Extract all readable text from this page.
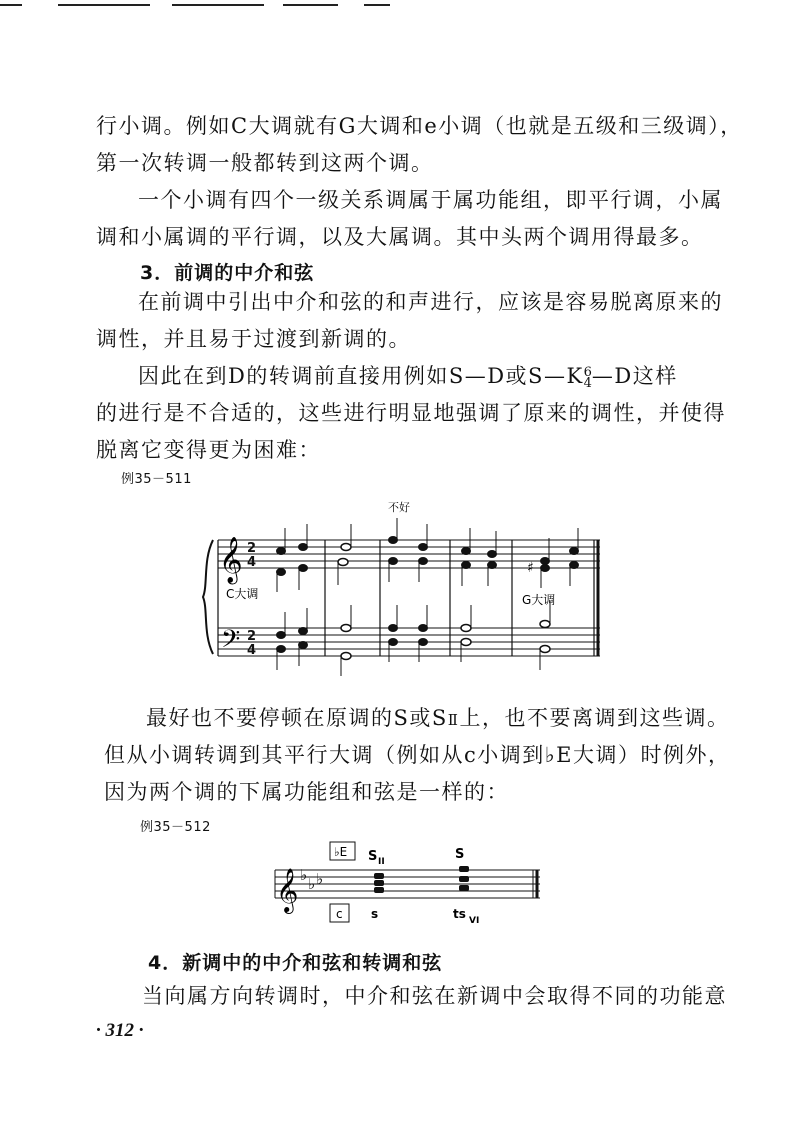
行小调。例如C大调就有G大调和e小调（也就是五级和三级调），
第一次转调一般都转到这两个调。
一个小调有四个一级关系调属于属功能组，即平行调，小属
调和小属调的平行调，以及大属调。其中头两个调用得最多。
3．前调的中介和弦
在前调中引出中介和弦的和声进行，应该是容易脱离原来的
调性，并且易于过渡到新调的。
因此在到D的转调前直接用例如S—D或S—K 6
4 —D这样
的进行是不合适的，这些进行明显地强调了原来的调性，并使得
脱离它变得更为困难：
例35－511
不好
𝄞
𝄢
2
4
2
4
♯
C大调	G大调
最好也不要停顿在原调的S或SⅡ上，也不要离调到这些调。
但从小调转调到其平行大调（例如从c小调到♭E大调）时例外，
因为两个调的下属功能组和弦是一样的：
例35－512
♭E S II	S
𝄞 ♭ ♭ ♭
c s	ts VI
4．新调中的中介和弦和转调和弦
当向属方向转调时，中介和弦在新调中会取得不同的功能意
· 312 ·
